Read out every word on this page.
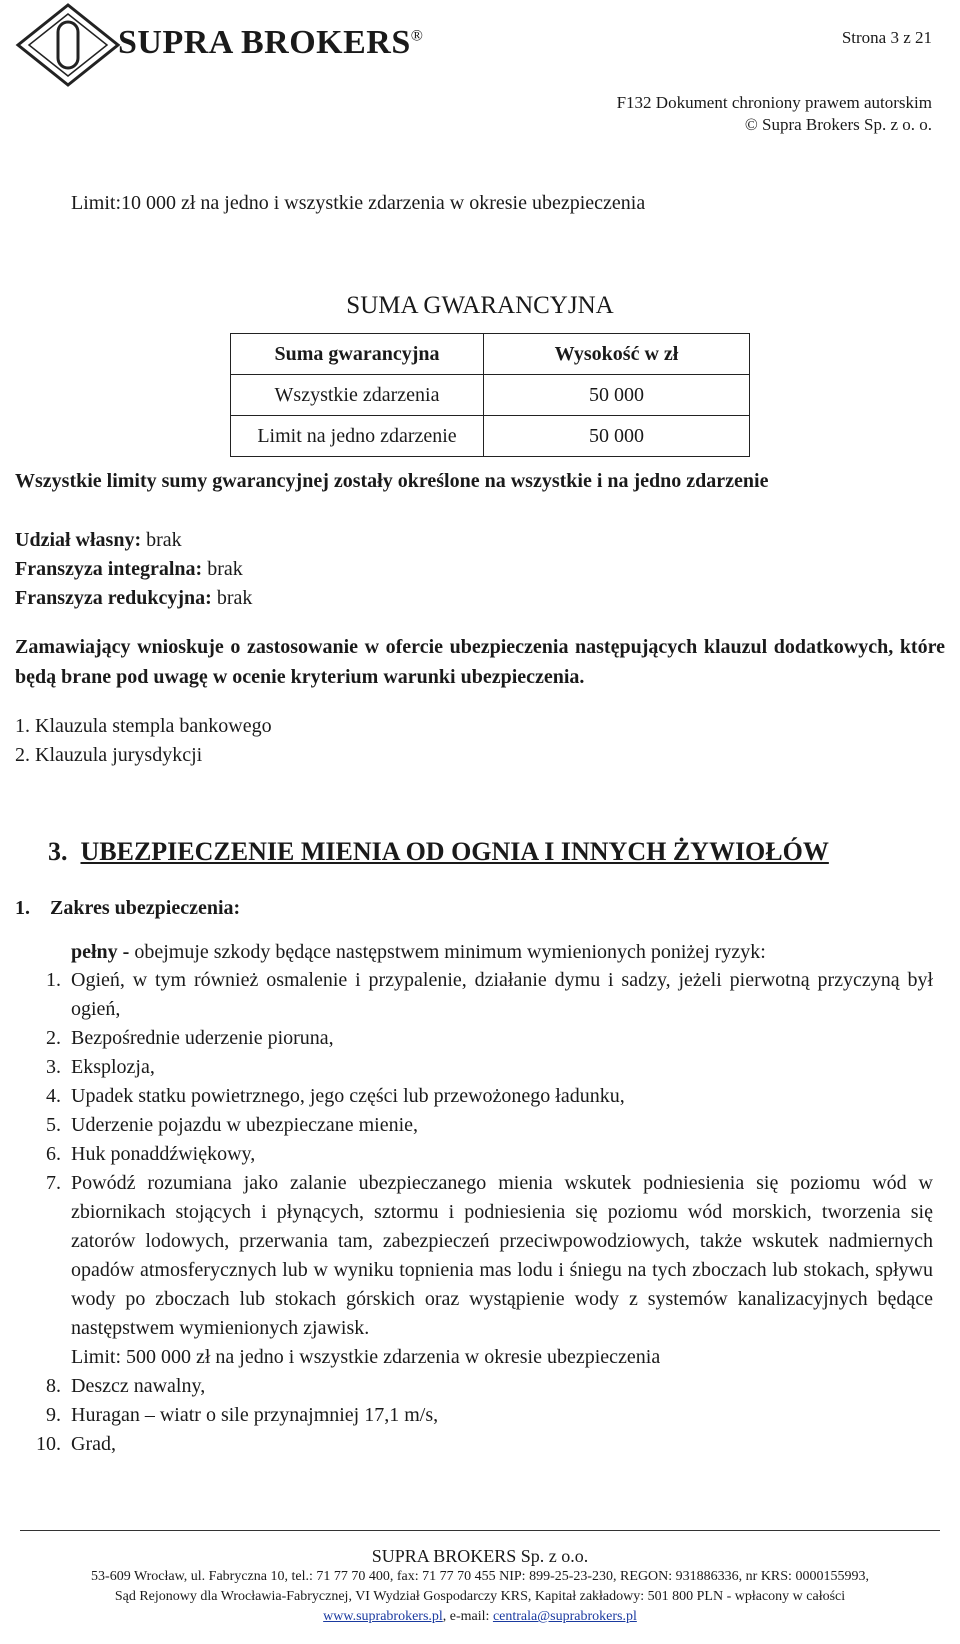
SUPRA BROKERS®	Strona 3 z 21
F132 Dokument chroniony prawem autorskim
© Supra Brokers Sp. z o. o.
Limit:10 000 zł na jedno i wszystkie zdarzenia w okresie ubezpieczenia
SUMA GWARANCYJNA
Suma gwarancyjna	Wysokość w zł
Wszystkie zdarzenia	50 000
Limit na jedno zdarzenie	50 000
Wszystkie limity sumy gwarancyjnej zostały określone na wszystkie i na jedno zdarzenie
Udział własny: brak
Franszyza integralna: brak
Franszyza redukcyjna: brak
Zamawiający wnioskuje o zastosowanie w ofercie ubezpieczenia następujących klauzul dodatkowych, które będą brane pod uwagę w ocenie kryterium warunki ubezpieczenia.
1. Klauzula stempla bankowego
2. Klauzula jurysdykcji
3. UBEZPIECZENIE MIENIA OD OGNIA I INNYCH ŻYWIOŁÓW
1. Zakres ubezpieczenia:
pełny - obejmuje szkody będące następstwem minimum wymienionych poniżej ryzyk:
1. Ogień, w tym również osmalenie i przypalenie, działanie dymu i sadzy, jeżeli pierwotną przyczyną był ogień,
2. Bezpośrednie uderzenie pioruna,
3. Eksplozja,
4. Upadek statku powietrznego, jego części lub przewożonego ładunku,
5. Uderzenie pojazdu w ubezpieczane mienie,
6. Huk ponaddźwiękowy,
7. Powódź rozumiana jako zalanie ubezpieczanego mienia wskutek podniesienia się poziomu wód w zbiornikach stojących i płynących, sztormu i podniesienia się poziomu wód morskich, tworzenia się zatorów lodowych, przerwania tam, zabezpieczeń przeciwpowodziowych, także wskutek nadmiernych opadów atmosferycznych lub w wyniku topnienia mas lodu i śniegu na tych zboczach lub stokach, spływu wody po zboczach lub stokach górskich oraz wystąpienie wody z systemów kanalizacyjnych będące następstwem wymienionych zjawisk.
Limit: 500 000 zł na jedno i wszystkie zdarzenia w okresie ubezpieczenia
8. Deszcz nawalny,
9. Huragan – wiatr o sile przynajmniej 17,1 m/s,
10. Grad,
SUPRA BROKERS Sp. z o.o.
53-609 Wrocław, ul. Fabryczna 10, tel.: 71 77 70 400, fax: 71 77 70 455 NIP: 899-25-23-230, REGON: 931886336, nr KRS: 0000155993,
Sąd Rejonowy dla Wrocławia-Fabrycznej, VI Wydział Gospodarczy KRS, Kapitał zakładowy: 501 800 PLN - wpłacony w całości
www.suprabrokers.pl, e-mail: centrala@suprabrokers.pl
